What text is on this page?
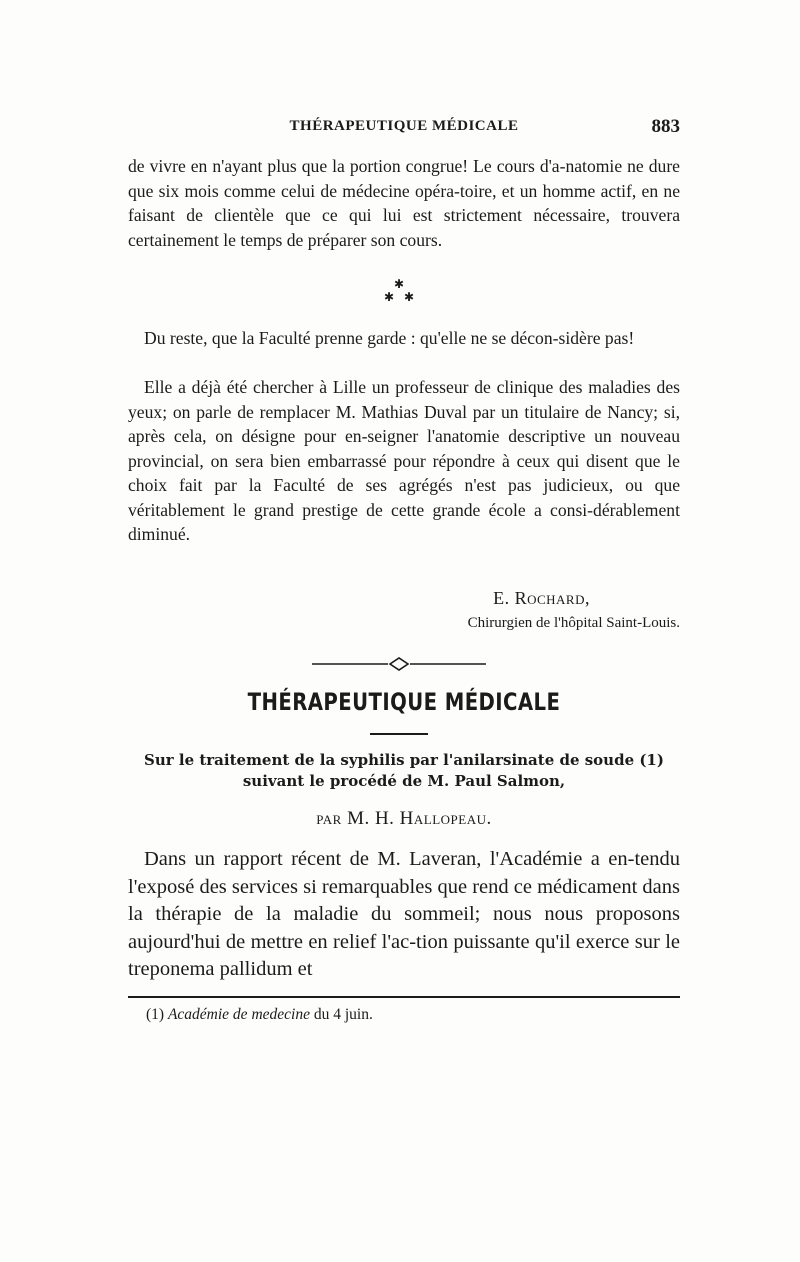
THÉRAPEUTIQUE MÉDICALE	883

de vivre en n'ayant plus que la portion congrue! Le cours d'a-natomie ne dure que six mois comme celui de médecine opéra-toire, et un homme actif, en ne faisant de clientèle que ce qui lui est strictement nécessaire, trouvera certainement le temps de préparer son cours.

✱
✱ ✱

Du reste, que la Faculté prenne garde : qu'elle ne se décon-sidère pas!

Elle a déjà été chercher à Lille un professeur de clinique des maladies des yeux; on parle de remplacer M. Mathias Duval par un titulaire de Nancy; si, après cela, on désigne pour en-seigner l'anatomie descriptive un nouveau provincial, on sera bien embarrassé pour répondre à ceux qui disent que le choix fait par la Faculté de ses agrégés n'est pas judicieux, ou que véritablement le grand prestige de cette grande école a consi-dérablement diminué.

E. Rochard,
Chirurgien de l'hôpital Saint-Louis.
THÉRAPEUTIQUE MÉDICALE
Sur le traitement de la syphilis par l'anilarsinate de soude (1)
suivant le procédé de M. Paul Salmon,
par M. H. Hallopeau.

Dans un rapport récent de M. Laveran, l'Académie a en-tendu l'exposé des services si remarquables que rend ce médicament dans la thérapie de la maladie du sommeil; nous nous proposons aujourd'hui de mettre en relief l'ac-tion puissante qu'il exerce sur le treponema pallidum et

(1) Académie de medecine du 4 juin.
